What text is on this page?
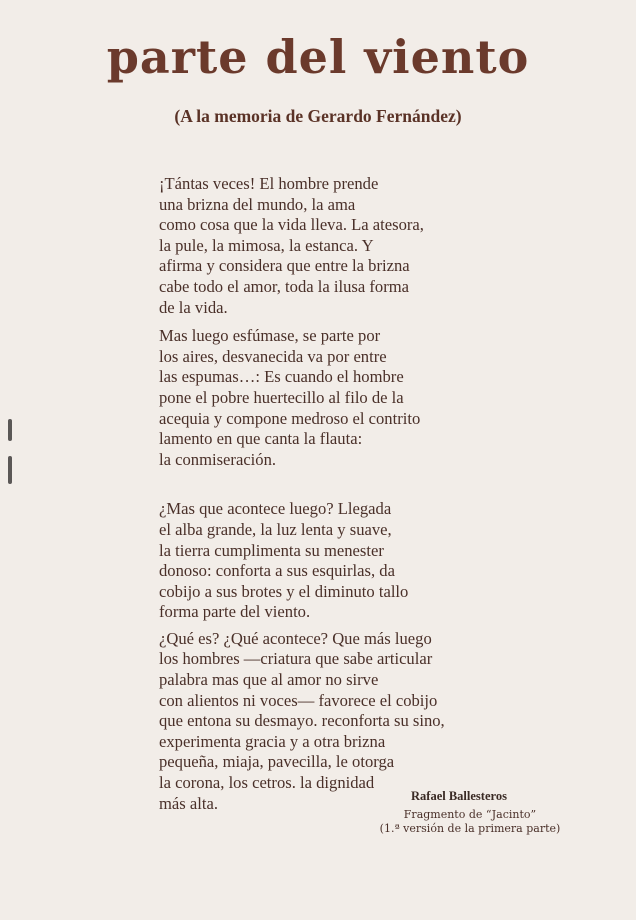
parte del viento

(A la memoria de Gerardo Fernández)

¡Tántas veces! El hombre prende
una brizna del mundo, la ama
como cosa que la vida lleva. La atesora,
la pule, la mimosa, la estanca. Y
afirma y considera que entre la brizna
cabe todo el amor, toda la ilusa forma
de la vida.

Mas luego esfúmase, se parte por
los aires, desvanecida va por entre
las espumas…: Es cuando el hombre
pone el pobre huertecillo al filo de la
acequia y compone medroso el contrito
lamento en que canta la flauta:
la conmiseración.

¿Mas que acontece luego? Llegada
el alba grande, la luz lenta y suave,
la tierra cumplimenta su menester
donoso: conforta a sus esquirlas, da
cobijo a sus brotes y el diminuto tallo
forma parte del viento.

¿Qué es? ¿Qué acontece? Que más luego
los hombres —criatura que sabe articular
palabra mas que al amor no sirve
con alientos ni voces— favorece el cobijo
que entona su desmayo. reconforta su sino,
experimenta gracia y a otra brizna
pequeña, miaja, pavecilla, le otorga
la corona, los cetros. la dignidad
más alta.	Rafael Ballesteros
Fragmento de “Jacinto”
(1.ª versión de la primera parte)
